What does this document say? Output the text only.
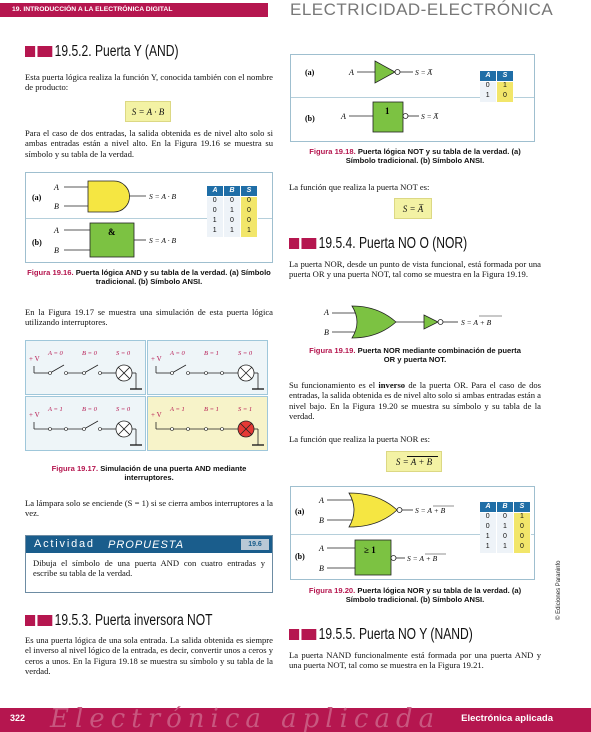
19. INTRODUCCIÓN A LA ELECTRÓNICA DIGITAL	ELECTRICIDAD-ELECTRÓNICA
19.5.2. Puerta Y (AND)

Esta puerta lógica realiza la función Y, conocida también con el nombre de producto:

S = A · B

Para el caso de dos entradas, la salida obtenida es de nivel alto solo si ambas entradas están a nivel alto. En la Figura 19.16 se muestra su símbolo y su tabla de la verdad.

(a)
(b)
A
B
S = A · B
A
B
&
S = A · B
A	B	S
0	0	0
0	1	0
1	0	0
1	1	1
Figura 19.16. Puerta lógica AND y su tabla de la verdad. (a) Símbolo tradicional. (b) Símbolo ANSI.

En la Figura 19.17 se muestra una simulación de esta puerta lógica utilizando interruptores.

+ V
A = 0	B = 0	S = 0
+ V
A = 0	B = 1	S = 0
+ V
A = 1	B = 0	S = 0
+ V
A = 1	B = 1	S = 1
Figura 19.17. Simulación de una puerta AND mediante interruptores.

La lámpara solo se enciende (S = 1) si se cierra ambos interruptores a la vez.

Actividad PROPUESTA	19.6

Dibuja el símbolo de una puerta AND con cuatro entradas y escribe su tabla de la verdad.

19.5.3. Puerta inversora NOT

Es una puerta lógica de una sola entrada. La salida obtenida es siempre el inverso al nivel lógico de la entrada, es decir, convertir unos a ceros y ceros a unos. En la Figura 19.18 se muestra su símbolo y su tabla de la verdad.

(a)
(b)
A	S = A̅
A
1
S = A̅
A	S
0	1
1	0
Figura 19.18. Puerta lógica NOT y su tabla de la verdad. (a) Símbolo tradicional. (b) Símbolo ANSI.

La función que realiza la puerta NOT es:

S = A̅
19.5.4. Puerta NO O (NOR)

La puerta NOR, desde un punto de vista funcional, está formada por una puerta OR y una puerta NOT, tal como se muestra en la Figura 19.19.

A
B
S = A + B
Figura 19.19. Puerta NOR mediante combinación de puerta OR y puerta NOT.

Su funcionamiento es el inverso de la puerta OR. Para el caso de dos entradas, la salida obtenida es de nivel alto solo si ambas entradas están a nivel bajo. En la Figura 19.20 se muestra su símbolo y su tabla de la verdad.

La función que realiza la puerta NOR es:

S = A + B
(a)
(b)
A
B
S = A + B
A
B
≥ 1
S = A + B
A	B	S
0	0	1
0	1	0
1	0	0
1	1	0
Figura 19.20. Puerta lógica NOR y su tabla de la verdad. (a) Símbolo tradicional. (b) Símbolo ANSI.
19.5.5. Puerta NO Y (NAND)

La puerta NAND funcionalmente está formada por una puerta AND y una puerta NOT, tal como se muestra en la Figura 19.21.

© Ediciones Paraninfo
Electrónica aplicada
322	Electrónica aplicada
